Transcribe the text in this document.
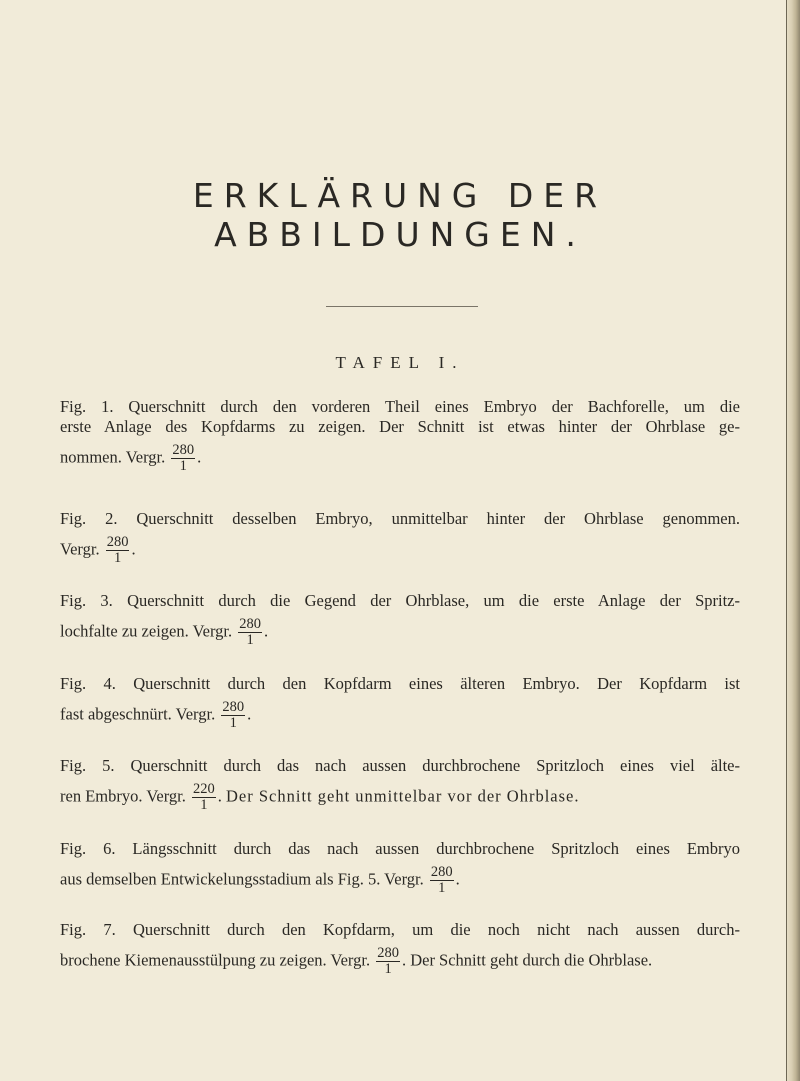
ERKLÄRUNG DER ABBILDUNGEN.
TAFEL I.
Fig. 1. Querschnitt durch den vorderen Theil eines Embryo der Bachforelle, um die
erste Anlage des Kopfdarms zu zeigen. Der Schnitt ist etwas hinter der Ohrblase ge-
nommen. Vergr. $\frac{280}{1}$ .
Fig. 2. Querschnitt desselben Embryo, unmittelbar hinter der Ohrblase genommen.
Vergr. $\frac{280}{1}$ .
Fig. 3. Querschnitt durch die Gegend der Ohrblase, um die erste Anlage der Spritz-
lochfalte zu zeigen. Vergr. $\frac{280}{1}$ .
Fig. 4. Querschnitt durch den Kopfdarm eines älteren Embryo. Der Kopfdarm ist
fast abgeschnürt. Vergr. $\frac{280}{1}$ .
Fig. 5. Querschnitt durch das nach aussen durchbrochene Spritzloch eines viel älte-
ren Embryo. Vergr. $\frac{220}{1}$ . Der Schnitt geht unmittelbar vor der Ohrblase.
Fig. 6. Längsschnitt durch das nach aussen durchbrochene Spritzloch eines Embryo
aus demselben Entwickelungsstadium als Fig. 5. Vergr. $\frac{280}{1}$ .
Fig. 7. Querschnitt durch den Kopfdarm, um die noch nicht nach aussen durch-
brochene Kiemenausstülpung zu zeigen. Vergr. $\frac{280}{1}$ . Der Schnitt geht durch die Ohrblase.
